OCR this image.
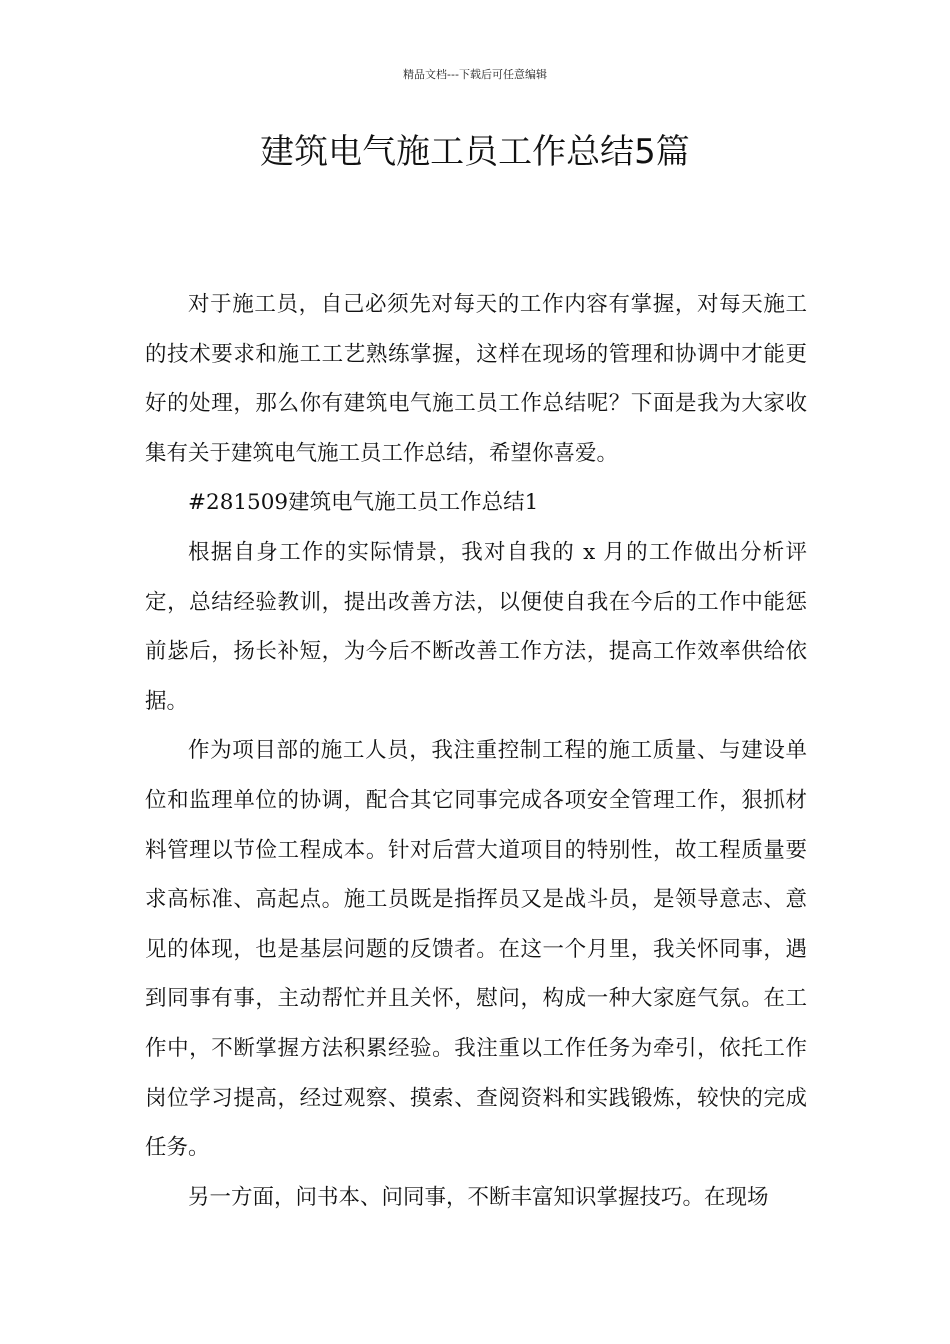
精品文档---下载后可任意编辑
建筑电气施工员工作总结5篇

对于施工员，自己必须先对每天的工作内容有掌握，对每天施工的技术要求和施工工艺熟练掌握，这样在现场的管理和协调中才能更好的处理，那么你有建筑电气施工员工作总结呢？下面是我为大家收集有关于建筑电气施工员工作总结，希望你喜爱。

#281509建筑电气施工员工作总结1

根据自身工作的实际情景，我对自我的 x 月的工作做出分析评定，总结经验教训，提出改善方法，以便使自我在今后的工作中能惩前毖后，扬长补短，为今后不断改善工作方法，提高工作效率供给依据。

作为项目部的施工人员，我注重控制工程的施工质量、与建设单位和监理单位的协调，配合其它同事完成各项安全管理工作，狠抓材料管理以节俭工程成本。针对后营大道项目的特别性，故工程质量要求高标准、高起点。施工员既是指挥员又是战斗员，是领导意志、意见的体现，也是基层问题的反馈者。在这一个月里，我关怀同事，遇到同事有事，主动帮忙并且关怀，慰问，构成一种大家庭气氛。在工作中，不断掌握方法积累经验。我注重以工作任务为牵引，依托工作岗位学习提高，经过观察、摸索、查阅资料和实践锻炼，较快的完成任务。

另一方面，问书本、问同事，不断丰富知识掌握技巧。在现场
